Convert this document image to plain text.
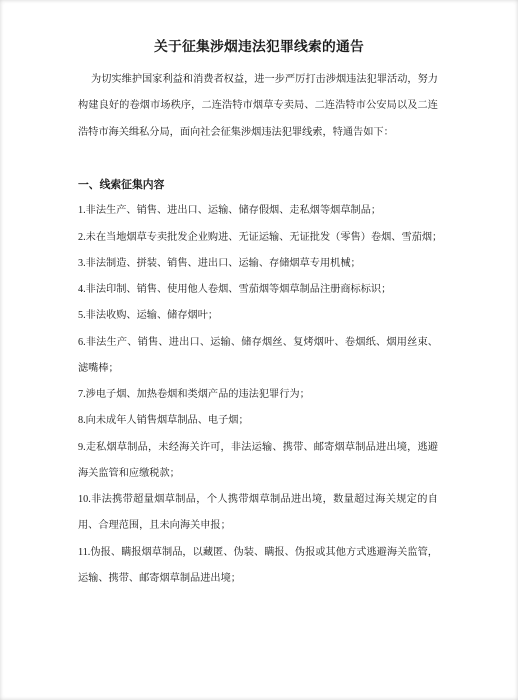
关于征集涉烟违法犯罪线索的通告
为切实维护国家利益和消费者权益，进一步严厉打击涉烟违法犯罪活动，努力
构建良好的卷烟市场秩序，二连浩特市烟草专卖局、二连浩特市公安局以及二连
浩特市海关缉私分局，面向社会征集涉烟违法犯罪线索，特通告如下：
一、线索征集内容
1.非法生产、销售、进出口、运输、储存假烟、走私烟等烟草制品；
2.未在当地烟草专卖批发企业购进、无证运输、无证批发（零售）卷烟、雪茄烟；
3.非法制造、拼装、销售、进出口、运输、存储烟草专用机械；
4.非法印制、销售、使用他人卷烟、雪茄烟等烟草制品注册商标标识；
5.非法收购、运输、储存烟叶；
6.非法生产、销售、进出口、运输、储存烟丝、复烤烟叶、卷烟纸、烟用丝束、
滤嘴棒；
7.涉电子烟、加热卷烟和类烟产品的违法犯罪行为；
8.向未成年人销售烟草制品、电子烟；
9.走私烟草制品，未经海关许可，非法运输、携带、邮寄烟草制品进出境，逃避
海关监管和应缴税款；
10.非法携带超量烟草制品，个人携带烟草制品进出境，数量超过海关规定的自
用、合理范围，且未向海关申报；
11.伪报、瞒报烟草制品，以藏匿、伪装、瞒报、伪报或其他方式逃避海关监管，
运输、携带、邮寄烟草制品进出境；
